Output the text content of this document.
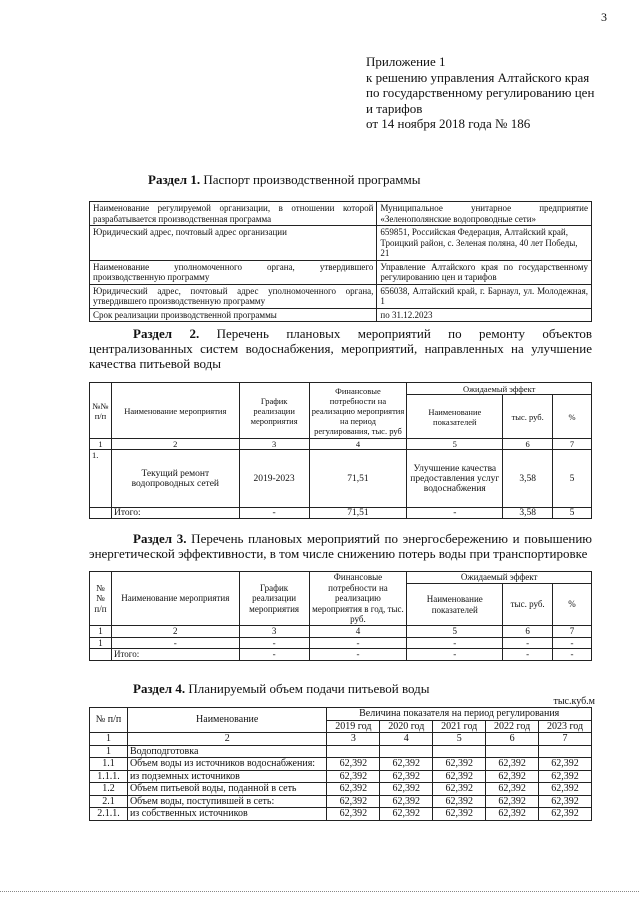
3
Приложение 1
к решению управления Алтайского края
по государственному регулированию цен
и тарифов
от 14 ноября 2018 года № 186
Раздел 1. Паспорт производственной программы
Наименование регулируемой организации, в отношении которой разрабатывается производственная программа	Муниципальное унитарное предприятие «Зеленополянские водопроводные сети»
Юридический адрес, почтовый адрес организации	659851, Российская Федерация, Алтайский край, Троицкий район, с. Зеленая поляна, 40 лет Победы, 21
Наименование уполномоченного органа, утвердившего производственную программу	Управление Алтайского края по государственному регулированию цен и тарифов
Юридический адрес, почтовый адрес уполномоченного органа, утвердившего производственную программу	656038, Алтайский край, г. Барнаул, ул. Молодежная, 1
Срок реализации производственной программы	по 31.12.2023
Раздел 2. Перечень плановых мероприятий по ремонту объектов централизованных систем водоснабжения, мероприятий, направленных на улучшение качества питьевой воды
№№ п/п	Наименование мероприятия	График реализации мероприятия	Финансовые потребности на реализацию мероприятия на период регулирования, тыс. руб	Ожидаемый эффект		
				Наименование показателей	тыс. руб.	%
1	2	3	4	5	6	7
1.	Текущий ремонт водопроводных сетей	2019-2023	71,51	Улучшение качества предоставления услуг водоснабжения	3,58	5
	Итого:	-	71,51	-	3,58	5
Раздел 3. Перечень плановых мероприятий по энергосбережению и повышению энергетической эффективности, в том числе снижению потерь воды при транспортировке
№№ п/п	Наименование мероприятия	График реализации мероприятия	Финансовые потребности на реализацию мероприятия в год, тыс. руб.	Ожидаемый эффект		
				Наименование показателей	тыс. руб.	%
1	2	3	4	5	6	7
1	-	-	-	-	-	-
	Итого:	-	-	-	-	-
Раздел 4. Планируемый объем подачи питьевой воды
тыс.куб.м
№ п/п	Наименование	Величина показателя на период регулирования				
		2019 год	2020 год	2021 год	2022 год	2023 год
1	2	3	4	5	6	7
1	Водоподготовка					
1.1	Объем воды из источников водоснабжения:	62,392	62,392	62,392	62,392	62,392
1.1.1.	из подземных источников	62,392	62,392	62,392	62,392	62,392
1.2	Объем питьевой воды, поданной в сеть	62,392	62,392	62,392	62,392	62,392
2.1	Объем воды, поступившей в сеть:	62,392	62,392	62,392	62,392	62,392
2.1.1.	из собственных источников	62,392	62,392	62,392	62,392	62,392
